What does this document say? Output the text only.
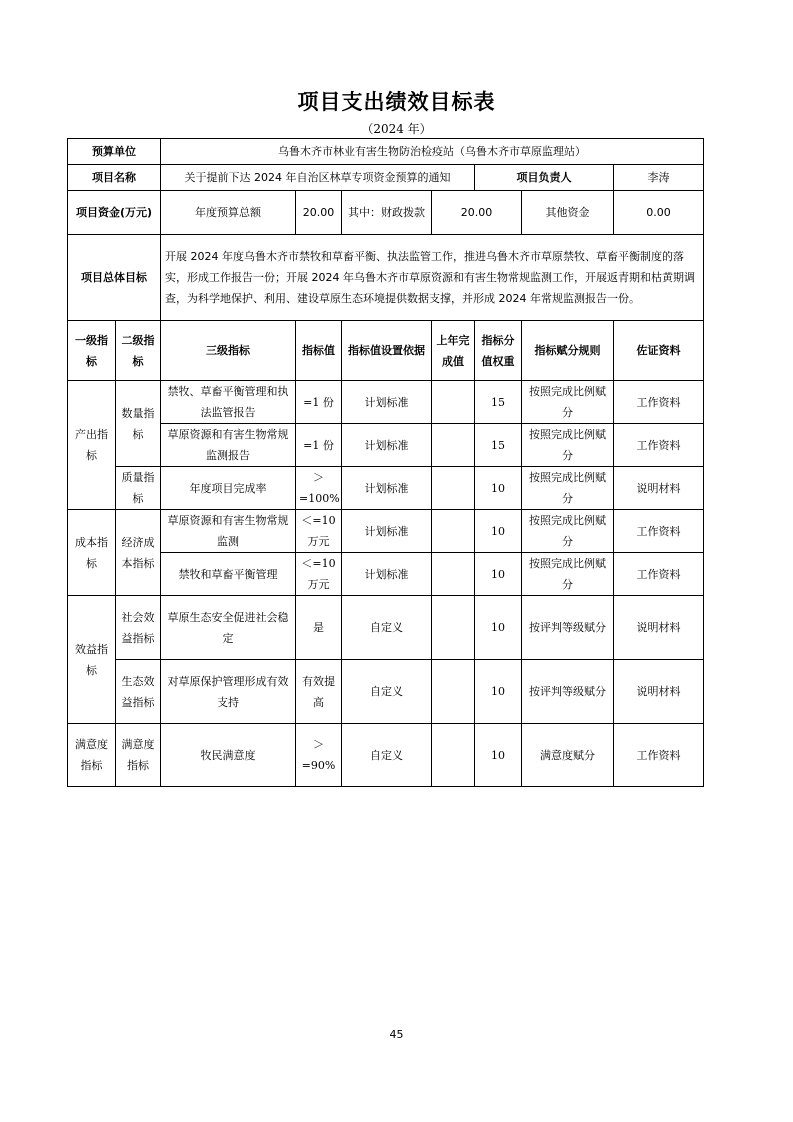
项目支出绩效目标表
（2024 年）
预算单位		乌鲁木齐市林业有害生物防治检疫站（乌鲁木齐市草原监理站）						
项目名称		关于提前下达 2024 年自治区林草专项资金预算的通知				项目负责人		李涛
项目资金(万元)		年度预算总额	20.00	其中：财政拨款	20.00		其他资金	0.00
项目总体目标		开展 2024 年度乌鲁木齐市禁牧和草畜平衡、执法监管工作，推进乌鲁木齐市草原禁牧、草畜平衡制度的落实，形成工作报告一份；开展 2024 年乌鲁木齐市草原资源和有害生物常规监测工作，开展返青期和枯黄期调查，为科学地保护、利用、建设草原生态环境提供数据支撑，并形成 2024 年常规监测报告一份。						
一级指标	二级指标	三级指标	指标值	指标值设置依据	上年完成值	指标分值权重	指标赋分规则	佐证资料
产出指标	数量指标	禁牧、草畜平衡管理和执法监管报告	=1 份	计划标准		15	按照完成比例赋分	工作资料
		草原资源和有害生物常规监测报告	=1 份	计划标准		15	按照完成比例赋分	工作资料
	质量指标	年度项目完成率	＞=100%	计划标准		10	按照完成比例赋分	说明材料
成本指标	经济成本指标	草原资源和有害生物常规监测	＜=10 万元	计划标准		10	按照完成比例赋分	工作资料
		禁牧和草畜平衡管理	＜=10 万元	计划标准		10	按照完成比例赋分	工作资料
效益指标	社会效益指标	草原生态安全促进社会稳定	是	自定义		10	按评判等级赋分	说明材料
	生态效益指标	对草原保护管理形成有效支持	有效提高	自定义		10	按评判等级赋分	说明材料
满意度指标	满意度指标	牧民满意度	＞=90%	自定义		10	满意度赋分	工作资料
45
